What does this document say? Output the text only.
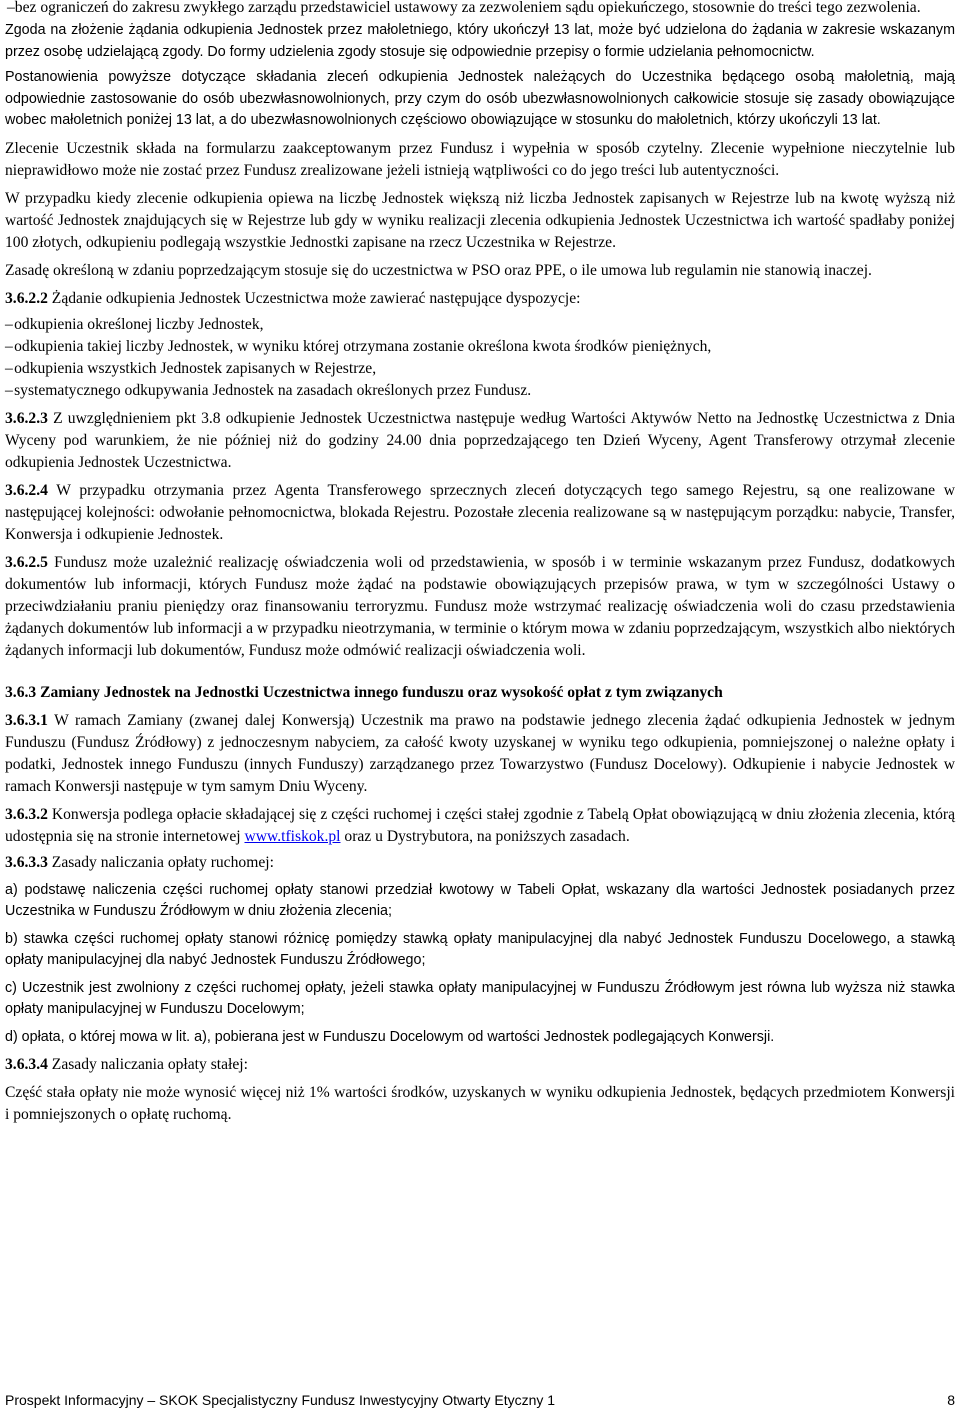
–bez ograniczeń do zakresu zwykłego zarządu przedstawiciel ustawowy za zezwoleniem sądu opiekuńczego, stosownie do treści tego zezwolenia.

Zgoda na złożenie żądania odkupienia Jednostek przez małoletniego, który ukończył 13 lat, może być udzielona do żądania w zakresie wskazanym przez osobę udzielającą zgody. Do formy udzielenia zgody stosuje się odpowiednie przepisy o formie udzielania pełnomocnictw.

Postanowienia powyższe dotyczące składania zleceń odkupienia Jednostek należących do Uczestnika będącego osobą małoletnią, mają odpowiednie zastosowanie do osób ubezwłasnowolnionych, przy czym do osób ubezwłasnowolnionych całkowicie stosuje się zasady obowiązujące wobec małoletnich poniżej 13 lat, a do ubezwłasnowolnionych częściowo obowiązujące w stosunku do małoletnich, którzy ukończyli 13 lat.

Zlecenie Uczestnik składa na formularzu zaakceptowanym przez Fundusz i wypełnia w sposób czytelny. Zlecenie wypełnione nieczytelnie lub nieprawidłowo może nie zostać przez Fundusz zrealizowane jeżeli istnieją wątpliwości co do jego treści lub autentyczności.

W przypadku kiedy zlecenie odkupienia opiewa na liczbę Jednostek większą niż liczba Jednostek zapisanych w Rejestrze lub na kwotę wyższą niż wartość Jednostek znajdujących się w Rejestrze lub gdy w wyniku realizacji zlecenia odkupienia Jednostek Uczestnictwa ich wartość spadłaby poniżej 100 złotych, odkupieniu podlegają wszystkie Jednostki zapisane na rzecz Uczestnika w Rejestrze.

Zasadę określoną w zdaniu poprzedzającym stosuje się do uczestnictwa w PSO oraz PPE, o ile umowa lub regulamin nie stanowią inaczej.

3.6.2.2 Żądanie odkupienia Jednostek Uczestnictwa może zawierać następujące dyspozycje:

– odkupienia określonej liczby Jednostek,

– odkupienia takiej liczby Jednostek, w wyniku której otrzymana zostanie określona kwota środków pieniężnych,

– odkupienia wszystkich Jednostek zapisanych w Rejestrze,

– systematycznego odkupywania Jednostek na zasadach określonych przez Fundusz.

3.6.2.3 Z uwzględnieniem pkt 3.8 odkupienie Jednostek Uczestnictwa następuje według Wartości Aktywów Netto na Jednostkę Uczestnictwa z Dnia Wyceny pod warunkiem, że nie później niż do godziny 24.00 dnia poprzedzającego ten Dzień Wyceny, Agent Transferowy otrzymał zlecenie odkupienia Jednostek Uczestnictwa.

3.6.2.4 W przypadku otrzymania przez Agenta Transferowego sprzecznych zleceń dotyczących tego samego Rejestru, są one realizowane w następującej kolejności: odwołanie pełnomocnictwa, blokada Rejestru. Pozostałe zlecenia realizowane są w następującym porządku: nabycie, Transfer, Konwersja i odkupienie Jednostek.

3.6.2.5 Fundusz może uzależnić realizację oświadczenia woli od przedstawienia, w sposób i w terminie wskazanym przez Fundusz, dodatkowych dokumentów lub informacji, których Fundusz może żądać na podstawie obowiązujących przepisów prawa, w tym w szczególności Ustawy o przeciwdziałaniu praniu pieniędzy oraz finansowaniu terroryzmu. Fundusz może wstrzymać realizację oświadczenia woli do czasu przedstawienia żądanych dokumentów lub informacji a w przypadku nieotrzymania, w terminie o którym mowa w zdaniu poprzedzającym, wszystkich albo niektórych żądanych informacji lub dokumentów, Fundusz może odmówić realizacji oświadczenia woli.

3.6.3 Zamiany Jednostek na Jednostki Uczestnictwa innego funduszu oraz wysokość opłat z tym związanych

3.6.3.1 W ramach Zamiany (zwanej dalej Konwersją) Uczestnik ma prawo na podstawie jednego zlecenia żądać odkupienia Jednostek w jednym Funduszu (Fundusz Źródłowy) z jednoczesnym nabyciem, za całość kwoty uzyskanej w wyniku tego odkupienia, pomniejszonej o należne opłaty i podatki, Jednostek innego Funduszu (innych Funduszy) zarządzanego przez Towarzystwo (Fundusz Docelowy). Odkupienie i nabycie Jednostek w ramach Konwersji następuje w tym samym Dniu Wyceny.

3.6.3.2 Konwersja podlega opłacie składającej się z części ruchomej i części stałej zgodnie z Tabelą Opłat obowiązującą w dniu złożenia zlecenia, którą udostępnia się na stronie internetowej www.tfiskok.pl oraz u Dystrybutora, na poniższych zasadach.

3.6.3.3 Zasady naliczania opłaty ruchomej:

a) podstawę naliczenia części ruchomej opłaty stanowi przedział kwotowy w Tabeli Opłat, wskazany dla wartości Jednostek posiadanych przez Uczestnika w Funduszu Źródłowym w dniu złożenia zlecenia;

b) stawka części ruchomej opłaty stanowi różnicę pomiędzy stawką opłaty manipulacyjnej dla nabyć Jednostek Funduszu Docelowego, a stawką opłaty manipulacyjnej dla nabyć Jednostek Funduszu Źródłowego;

c) Uczestnik jest zwolniony z części ruchomej opłaty, jeżeli stawka opłaty manipulacyjnej w Funduszu Źródłowym jest równa lub wyższa niż stawka opłaty manipulacyjnej w Funduszu Docelowym;

d) opłata, o której mowa w lit. a), pobierana jest w Funduszu Docelowym od wartości Jednostek podlegających Konwersji.

3.6.3.4 Zasady naliczania opłaty stałej:

Część stała opłaty nie może wynosić więcej niż 1% wartości środków, uzyskanych w wyniku odkupienia Jednostek, będących przedmiotem Konwersji i pomniejszonych o opłatę ruchomą.

Prospekt Informacyjny – SKOK Specjalistyczny Fundusz Inwestycyjny Otwarty Etyczny 1	8
